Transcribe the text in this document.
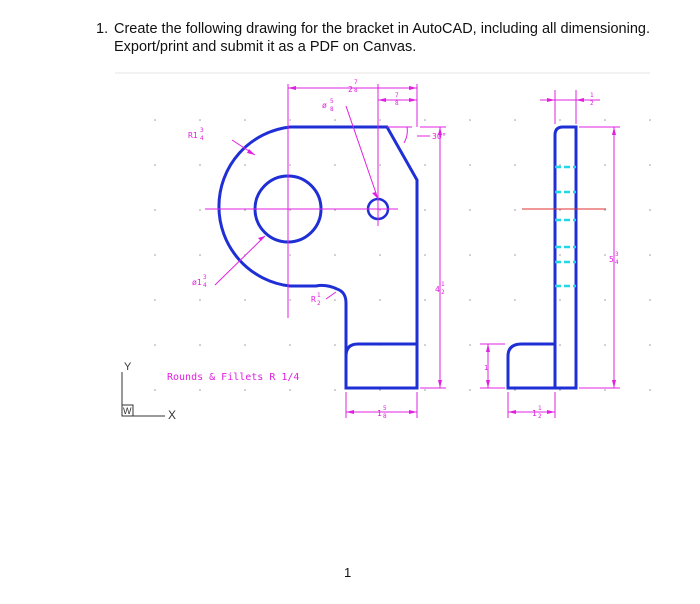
1. Create the following drawing for the bracket in AutoCAD, including all dimensioning. Export/print and submit it as a PDF on Canvas.
2
7
8
ø 5
8
7
8
R1
3
4	30°
ø1
3
4
R 1
2
4
1
2
1
5
8
1
2
5
3
4
1
1
1
2
Rounds & Fillets R 1/4
Y
X
W
1
